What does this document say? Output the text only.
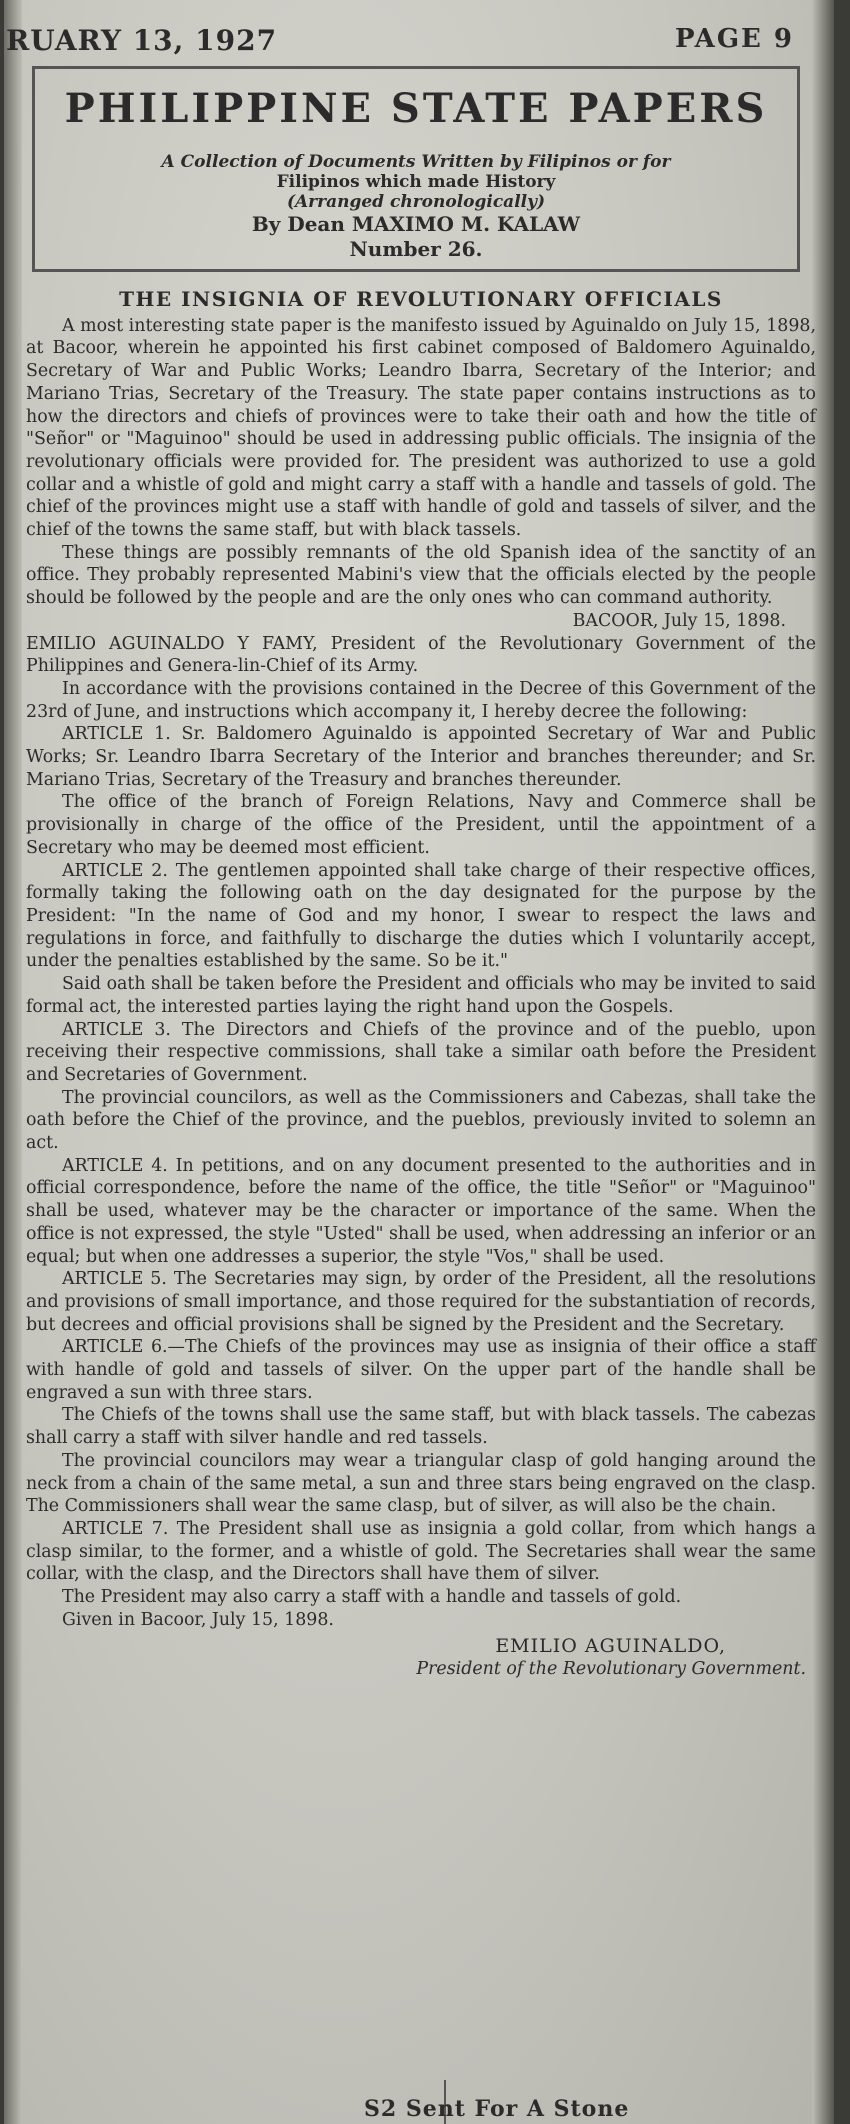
RUARY 13, 1927	PAGE 9
PHILIPPINE STATE PAPERS
A Collection of Documents Written by Filipinos or for
Filipinos which made History
(Arranged chronologically)
By Dean MAXIMO M. KALAW
Number 26.
THE INSIGNIA OF REVOLUTIONARY OFFICIALS

A most interesting state paper is the manifesto issued by Aguinaldo on July 15, 1898, at Bacoor, wherein he appointed his first cabinet composed of Baldomero Aguinaldo, Secretary of War and Public Works; Leandro Ibarra, Secretary of the Interior; and Mariano Trias, Secretary of the Treasury. The state paper contains instructions as to how the directors and chiefs of provinces were to take their oath and how the title of "Señor" or "Maguinoo" should be used in addressing public officials. The insignia of the revolutionary officials were provided for. The president was authorized to use a gold collar and a whistle of gold and might carry a staff with a handle and tassels of gold. The chief of the provinces might use a staff with handle of gold and tassels of silver, and the chief of the towns the same staff, but with black tassels.

These things are possibly remnants of the old Spanish idea of the sanctity of an office. They probably represented Mabini's view that the officials elected by the people should be followed by the people and are the only ones who can command authority.

BACOOR, July 15, 1898.

EMILIO AGUINALDO Y FAMY, President of the Revolutionary Government of the Philippines and Genera-lin-Chief of its Army.

In accordance with the provisions contained in the Decree of this Government of the 23rd of June, and instructions which accompany it, I hereby decree the following:

ARTICLE 1. Sr. Baldomero Aguinaldo is appointed Secretary of War and Public Works; Sr. Leandro Ibarra Secretary of the Interior and branches thereunder; and Sr. Mariano Trias, Secretary of the Treasury and branches thereunder.

The office of the branch of Foreign Relations, Navy and Commerce shall be provisionally in charge of the office of the President, until the appointment of a Secretary who may be deemed most efficient.

ARTICLE 2. The gentlemen appointed shall take charge of their respective offices, formally taking the following oath on the day designated for the purpose by the President: "In the name of God and my honor, I swear to respect the laws and regulations in force, and faithfully to discharge the duties which I voluntarily accept, under the penalties established by the same. So be it."

Said oath shall be taken before the President and officials who may be invited to said formal act, the interested parties laying the right hand upon the Gospels.

ARTICLE 3. The Directors and Chiefs of the province and of the pueblo, upon receiving their respective commissions, shall take a similar oath before the President and Secretaries of Government.

The provincial councilors, as well as the Commissioners and Cabezas, shall take the oath before the Chief of the province, and the pueblos, previously invited to solemn an act.

ARTICLE 4. In petitions, and on any document presented to the authorities and in official correspondence, before the name of the office, the title "Señor" or "Maguinoo" shall be used, whatever may be the character or importance of the same. When the office is not expressed, the style "Usted" shall be used, when addressing an inferior or an equal; but when one addresses a superior, the style "Vos," shall be used.

ARTICLE 5. The Secretaries may sign, by order of the President, all the resolutions and provisions of small importance, and those required for the substantiation of records, but decrees and official provisions shall be signed by the President and the Secretary.

ARTICLE 6.—The Chiefs of the provinces may use as insignia of their office a staff with handle of gold and tassels of silver. On the upper part of the handle shall be engraved a sun with three stars.

The Chiefs of the towns shall use the same staff, but with black tassels. The cabezas shall carry a staff with silver handle and red tassels.

The provincial councilors may wear a triangular clasp of gold hanging around the neck from a chain of the same metal, a sun and three stars being engraved on the clasp. The Commissioners shall wear the same clasp, but of silver, as will also be the chain.

ARTICLE 7. The President shall use as insignia a gold collar, from which hangs a clasp similar, to the former, and a whistle of gold. The Secretaries shall wear the same collar, with the clasp, and the Directors shall have them of silver.

The President may also carry a staff with a handle and tassels of gold.

Given in Bacoor, July 15, 1898.

EMILIO AGUINALDO,

President of the Revolutionary Government.

S2 Sent For A Stone
